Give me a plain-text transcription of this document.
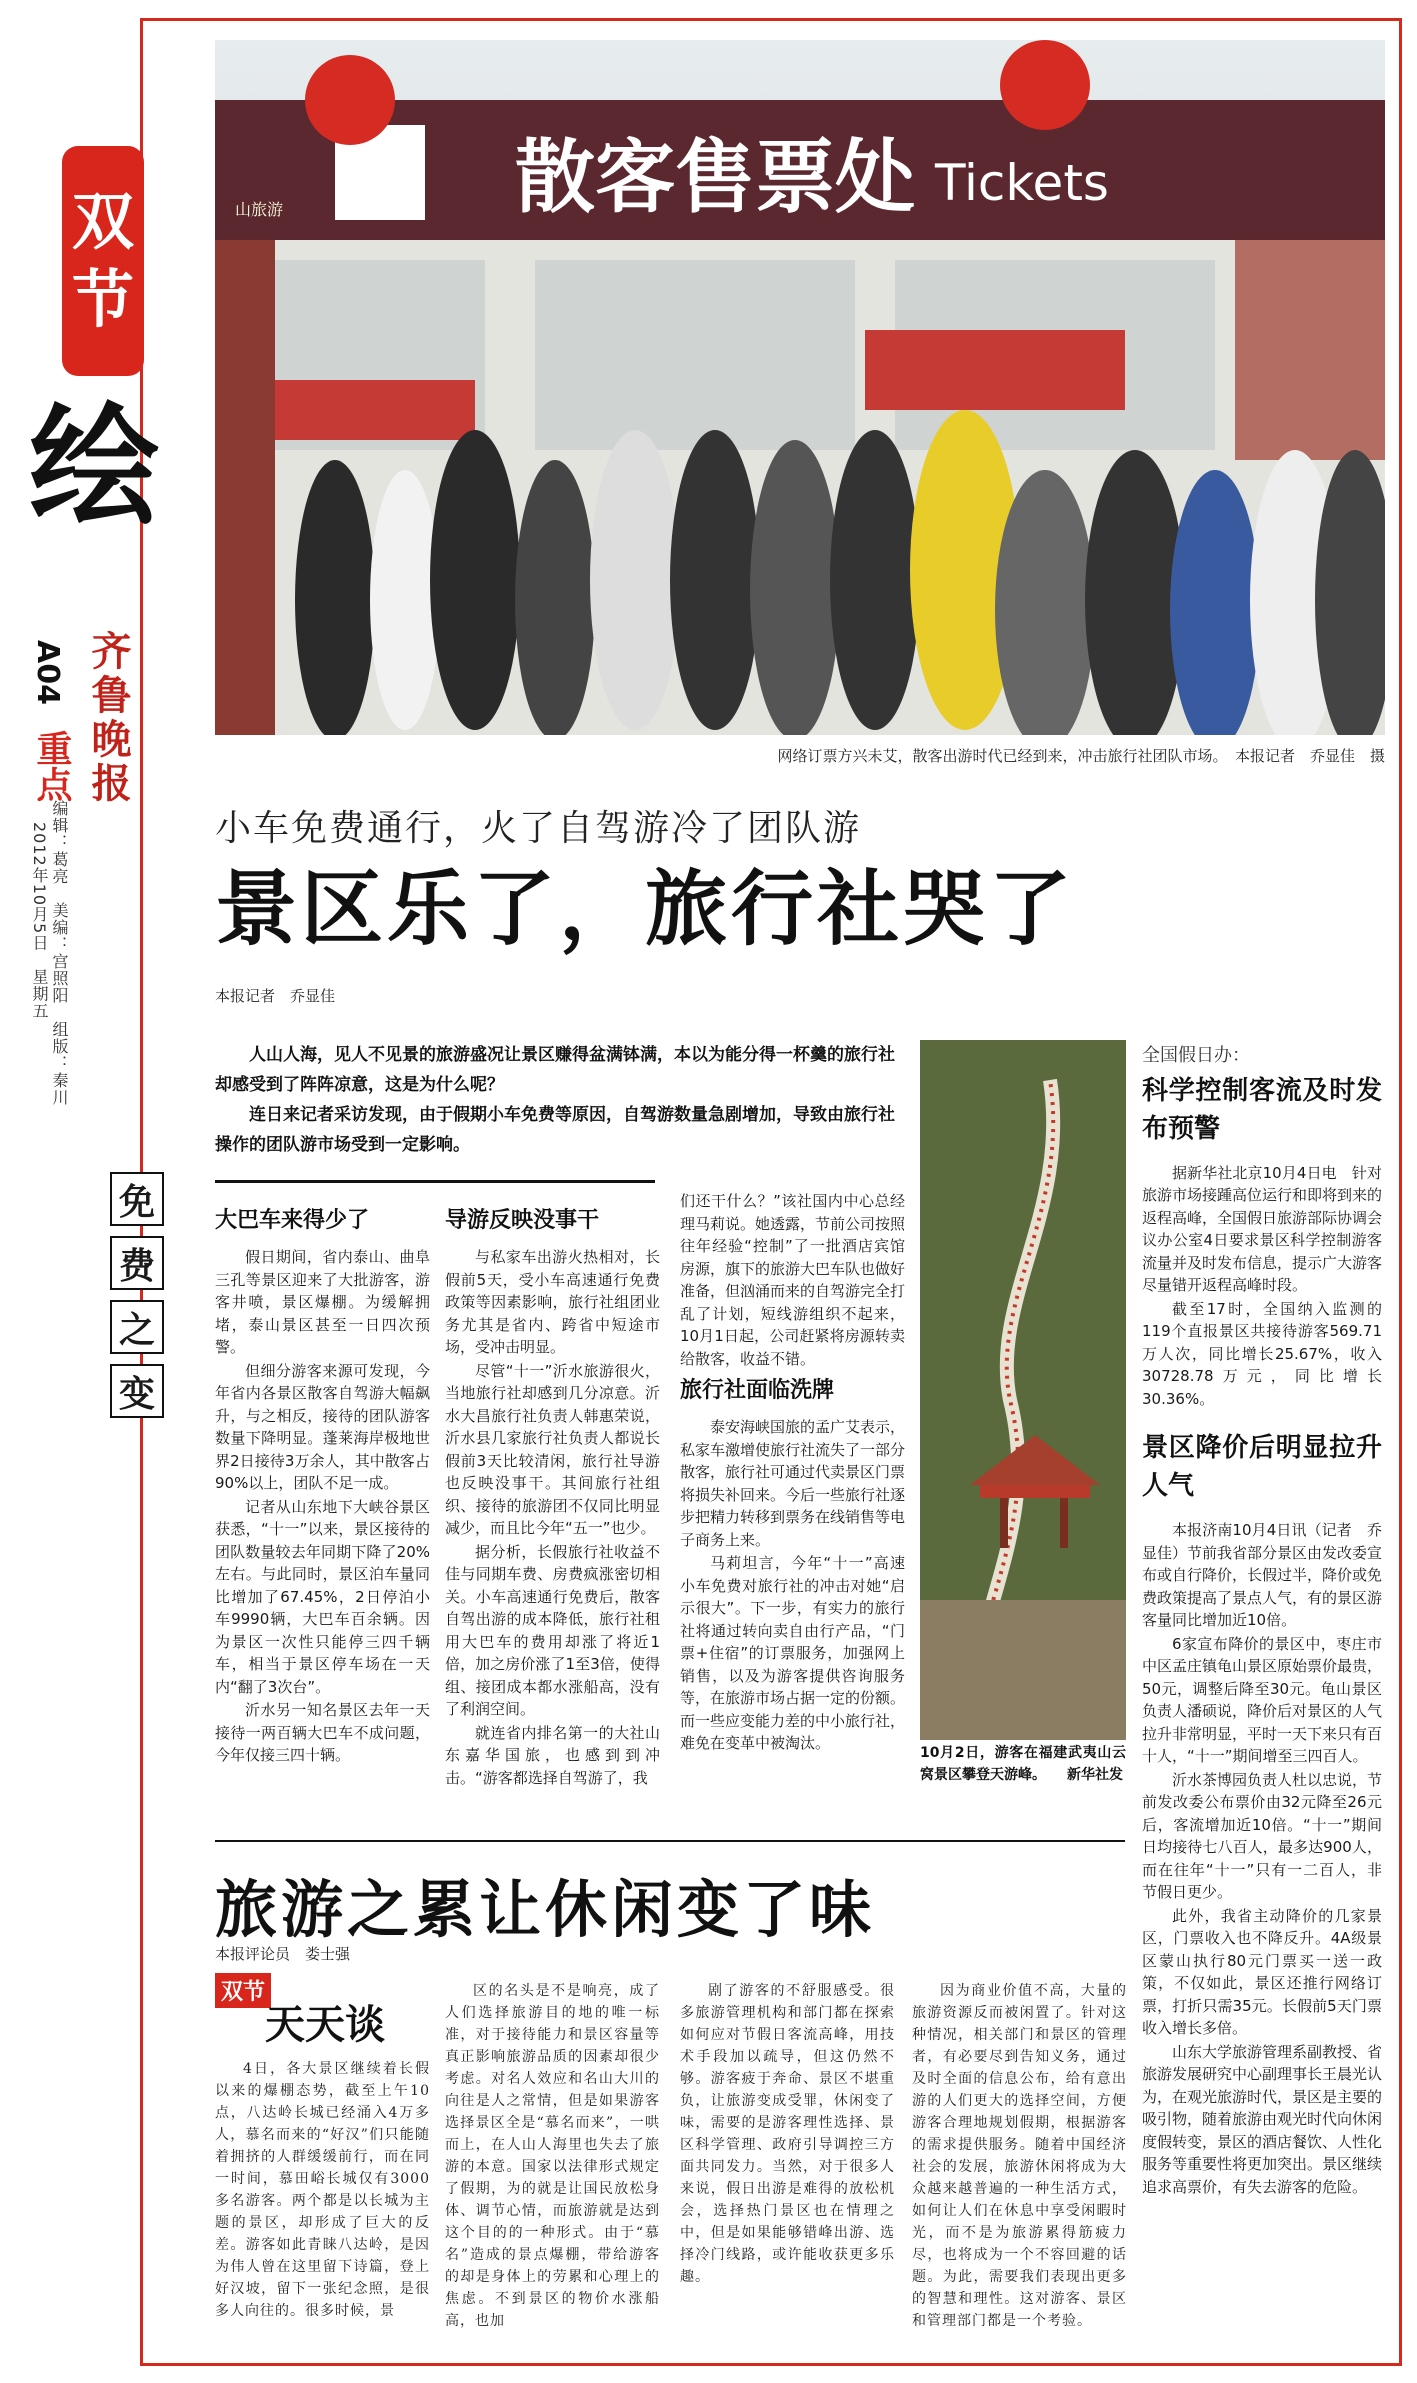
双
节
绘
A04
重点 齐鲁晚报
2012年10月5日　星期五 编辑：葛亮　美编：宫照阳　组版：秦川
免
费
之
变
散客售票处 Tickets
山旅游
网络订票方兴未艾，散客出游时代已经到来，冲击旅行社团队市场。　本报记者　乔显佳　摄
小车免费通行，火了自驾游冷了团队游
景区乐了，旅行社哭了
本报记者　乔显佳

人山人海，见人不见景的旅游盛况让景区赚得盆满钵满，本以为能分得一杯羹的旅行社却感受到了阵阵凉意，这是为什么呢？

连日来记者采访发现，由于假期小车免费等原因，自驾游数量急剧增加，导致由旅行社操作的团队游市场受到一定影响。

大巴车来得少了

假日期间，省内泰山、曲阜三孔等景区迎来了大批游客，游客井喷，景区爆棚。为缓解拥堵，泰山景区甚至一日四次预警。

但细分游客来源可发现，今年省内各景区散客自驾游大幅飙升，与之相反，接待的团队游客数量下降明显。蓬莱海岸极地世界2日接待3万余人，其中散客占90%以上，团队不足一成。

记者从山东地下大峡谷景区获悉，“十一”以来，景区接待的团队数量较去年同期下降了20%左右。与此同时，景区泊车量同比增加了67.45%，2日停泊小车9990辆，大巴车百余辆。因为景区一次性只能停三四千辆车，相当于景区停车场在一天内“翻了3次台”。

沂水另一知名景区去年一天接待一两百辆大巴车不成问题，今年仅接三四十辆。

导游反映没事干

与私家车出游火热相对，长假前5天，受小车高速通行免费政策等因素影响，旅行社组团业务尤其是省内、跨省中短途市场，受冲击明显。

尽管“十一”沂水旅游很火，当地旅行社却感到几分凉意。沂水大昌旅行社负责人韩惠荣说，沂水县几家旅行社负责人都说长假前3天比较清闲，旅行社导游也反映没事干。其间旅行社组织、接待的旅游团不仅同比明显减少，而且比今年“五一”也少。

据分析，长假旅行社收益不佳与同期车费、房费疯涨密切相关。小车高速通行免费后，散客自驾出游的成本降低，旅行社租用大巴车的费用却涨了将近1倍，加之房价涨了1至3倍，使得组、接团成本都水涨船高，没有了利润空间。

就连省内排名第一的大社山东嘉华国旅，也感到到冲击。“游客都选择自驾游了，我

们还干什么？”该社国内中心总经理马莉说。她透露，节前公司按照往年经验“控制”了一批酒店宾馆房源，旗下的旅游大巴车队也做好准备，但汹涌而来的自驾游完全打乱了计划，短线游组织不起来，10月1日起，公司赶紧将房源转卖给散客，收益不错。

旅行社面临洗牌

泰安海峡国旅的孟广艾表示，私家车激增使旅行社流失了一部分散客，旅行社可通过代卖景区门票将损失补回来。今后一些旅行社逐步把精力转移到票务在线销售等电子商务上来。

马莉坦言，今年“十一”高速小车免费对旅行社的冲击对她“启示很大”。下一步，有实力的旅行社将通过转向卖自由行产品，“门票+住宿”的订票服务，加强网上销售，以及为游客提供咨询服务等，在旅游市场占据一定的份额。而一些应变能力差的中小旅行社，难免在变革中被淘汰。

10月2日，游客在福建武夷山云窝景区攀登天游峰。　　新华社发
全国假日办：
科学控制客流及时发布预警

据新华社北京10月4日电　针对旅游市场接踵高位运行和即将到来的返程高峰，全国假日旅游部际协调会议办公室4日要求景区科学控制游客流量并及时发布信息，提示广大游客尽量错开返程高峰时段。

截至17时，全国纳入监测的119个直报景区共接待游客569.71万人次，同比增长25.67%，收入30728.78万元，同比增长30.36%。

景区降价后明显拉升人气

本报济南10月4日讯（记者　乔显佳）节前我省部分景区由发改委宣布或自行降价，长假过半，降价或免费政策提高了景点人气，有的景区游客量同比增加近10倍。

6家宣布降价的景区中，枣庄市中区孟庄镇龟山景区原始票价最贵，50元，调整后降至30元。龟山景区负责人潘硕说，降价后对景区的人气拉升非常明显，平时一天下来只有百十人，“十一”期间增至三四百人。

沂水茶博园负责人杜以忠说，节前发改委公布票价由32元降至26元后，客流增加近10倍。“十一”期间日均接待七八百人，最多达900人，而在往年“十一”只有一二百人，非节假日更少。

此外，我省主动降价的几家景区，门票收入也不降反升。4A级景区蒙山执行80元门票买一送一政策，不仅如此，景区还推行网络订票，打折只需35元。长假前5天门票收入增长多倍。

山东大学旅游管理系副教授、省旅游发展研究中心副理事长王晨光认为，在观光旅游时代，景区是主要的吸引物，随着旅游由观光时代向休闲度假转变，景区的酒店餐饮、人性化服务等重要性将更加突出。景区继续追求高票价，有失去游客的危险。

旅游之累让休闲变了味
本报评论员　娄士强
双节
天天谈

4日，各大景区继续着长假以来的爆棚态势，截至上午10点，八达岭长城已经涌入4万多人，慕名而来的“好汉”们只能随着拥挤的人群缓缓前行，而在同一时间，慕田峪长城仅有3000多名游客。两个都是以长城为主题的景区，却形成了巨大的反差。游客如此青睐八达岭，是因为伟人曾在这里留下诗篇，登上好汉坡，留下一张纪念照，是很多人向往的。很多时候，景

区的名头是不是响亮，成了人们选择旅游目的地的唯一标准，对于接待能力和景区容量等真正影响旅游品质的因素却很少考虑。对名人效应和名山大川的向往是人之常情，但是如果游客选择景区全是“慕名而来”，一哄而上，在人山人海里也失去了旅游的本意。国家以法律形式规定了假期，为的就是让国民放松身体、调节心情，而旅游就是达到这个目的的一种形式。由于“慕名”造成的景点爆棚，带给游客的却是身体上的劳累和心理上的焦虑。不到景区的物价水涨船高，也加

剧了游客的不舒服感受。很多旅游管理机构和部门都在探索如何应对节假日客流高峰，用技术手段加以疏导，但这仍然不够。游客疲于奔命、景区不堪重负，让旅游变成受罪，休闲变了味，需要的是游客理性选择、景区科学管理、政府引导调控三方面共同发力。当然，对于很多人来说，假日出游是难得的放松机会，选择热门景区也在情理之中，但是如果能够错峰出游、选择冷门线路，或许能收获更多乐趣。

因为商业价值不高，大量的旅游资源反而被闲置了。针对这种情况，相关部门和景区的管理者，有必要尽到告知义务，通过及时全面的信息公布，给有意出游的人们更大的选择空间，方便游客合理地规划假期，根据游客的需求提供服务。随着中国经济社会的发展，旅游休闲将成为大众越来越普遍的一种生活方式，如何让人们在休息中享受闲暇时光，而不是为旅游累得筋疲力尽，也将成为一个不容回避的话题。为此，需要我们表现出更多的智慧和理性。这对游客、景区和管理部门都是一个考验。
